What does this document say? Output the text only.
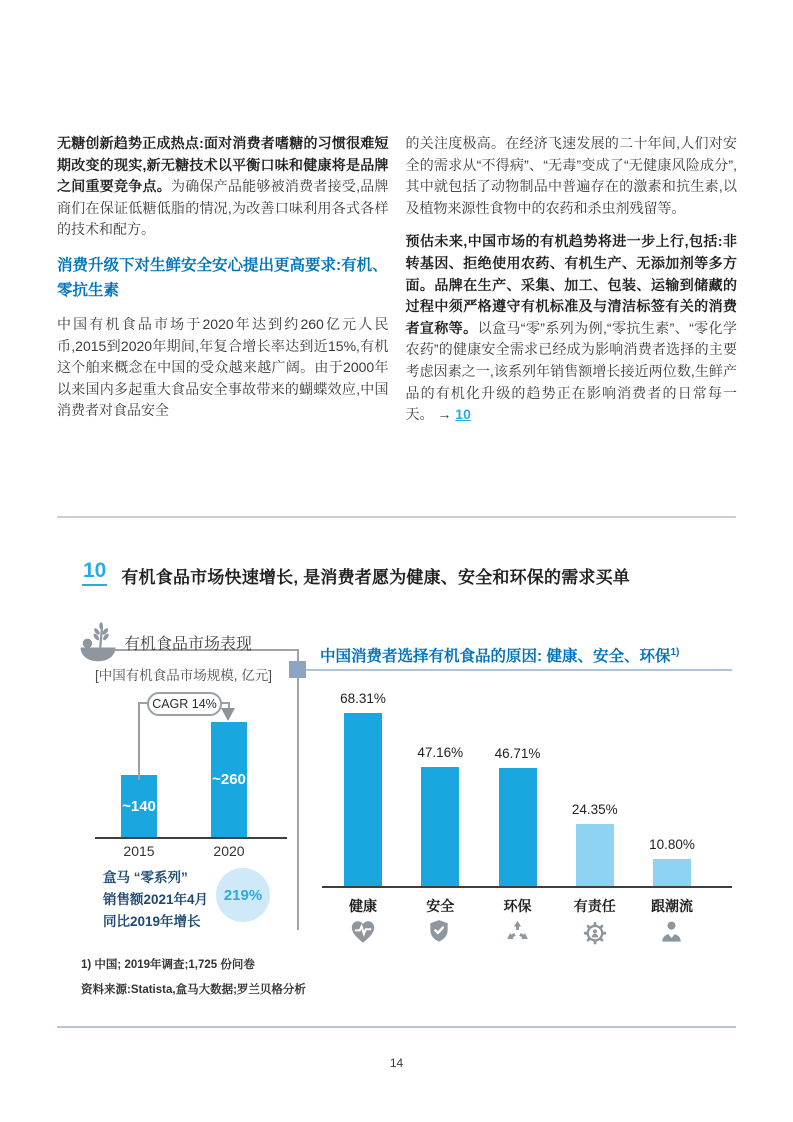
无糖创新趋势正成热点:面对消费者嗜糖的习惯很难短期改变的现实,新无糖技术以平衡口味和健康将是品牌之间重要竞争点。为确保产品能够被消费者接受,品牌商们在保证低糖低脂的情况,为改善口味利用各式各样的技术和配方。

消费升级下对生鲜安全安心提出更高要求:有机、零抗生素

中国有机食品市场于2020年达到约260亿元人民币,2015到2020年期间,年复合增长率达到近15%,有机这个舶来概念在中国的受众越来越广阔。由于2000年以来国内多起重大食品安全事故带来的蝴蝶效应,中国消费者对食品安全

的关注度极高。在经济飞速发展的二十年间,人们对安全的需求从“不得病”、“无毒”变成了“无健康风险成分”,其中就包括了动物制品中普遍存在的激素和抗生素,以及植物来源性食物中的农药和杀虫剂残留等。

预估未来,中国市场的有机趋势将进一步上行,包括:非转基因、拒绝使用农药、有机生产、无添加剂等多方面。品牌在生产、采集、加工、包装、运输到储藏的过程中须严格遵守有机标准及与清洁标签有关的消费者宣称等。以盒马“零”系列为例,“零抗生素”、“零化学农药”的健康安全需求已经成为影响消费者选择的主要考虑因素之一,该系列年销售额增长接近两位数,生鲜产品的有机化升级的趋势正在影响消费者的日常每一天。 → 10

10 有机食品市场快速增长, 是消费者愿为健康、安全和环保的需求买单
有机食品市场表现
[中国有机食品市场规模, 亿元]
~140
2015
~260
2020
CAGR 14%
盒马 “零系列”
销售额2021年4月
同比2019年增长
219%
中国消费者选择有机食品的原因: 健康、安全、环保$^{1)}$
68.31%
健康
47.16%
安全
46.71%
环保
24.35%
有责任
10.80%
跟潮流
1) 中国; 2019年调查;1,725 份问卷
资料来源:Statista,盒马大数据;罗兰贝格分析
14
